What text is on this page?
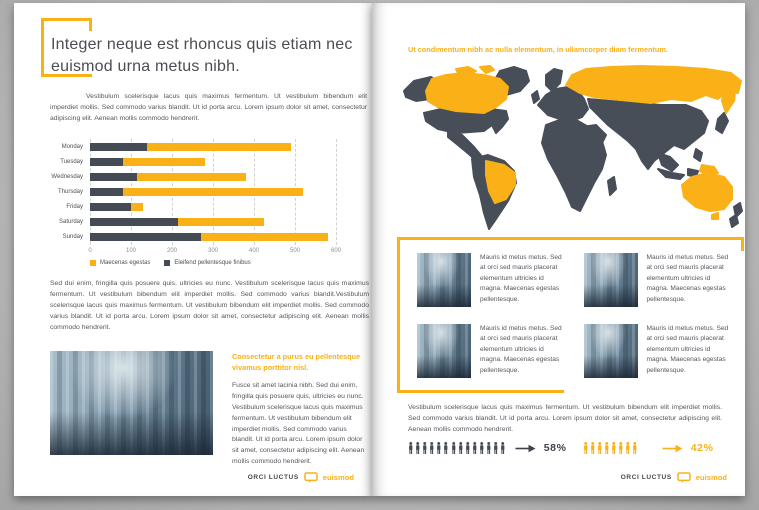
Integer neque est rhoncus quis etiam nec euismod urna metus nibh.

Vestibulum scelerisque lacus quis maximus fermentum. Ut vestibulum bibendum elit imperdiet mollis. Sed commodo varius blandit. Ut id porta arcu. Lorem ipsum dolor sit amet, consectetur adipiscing elit. Aenean mollis commodo hendrerit.

Monday
Tuesday
Wednesday
Thursday
Friday
Saturday
Sunday
0	100	200	300	400	500	600
Maecenas egestas	Eleifend pellentesque finibus

Sed dui enim, fringilla quis posuere quis, ultricies eu nunc. Vestibulum scelerisque lacus quis maximus fermentum. Ut vestibulum bibendum elit imperdiet mollis. Sed commodo varius blandit.Vestibulum scelerisque lacus quis maximus fermentum. Ut vestibulum bibendum elit imperdiet mollis. Sed commodo varius blandit. Ut id porta arcu. Lorem ipsum dolor sit amet, consectetur adipiscing elit. Aenean mollis commodo hendrerit.

Consectetur a purus eu pellentesque vivamus porttitor nisl.

Fusce sit amet lacinia nibh. Sed dui enim, fringilla quis posuere quis, ultricies eu nunc. Vestibulum scelerisque lacus quis maximus fermentum. Ut vestibulum bibendum elit imperdiet mollis. Sed commodo varius blandit. Ut id porta arcu. Lorem ipsum dolor sit amet, consectetur adipiscing elit. Aenean mollis commodo hendrerit.

ORCI LUCTUS	euismod
Ut condimentum nibh ac nulla elementum, in ullamcorper diam fermentum.

Mauris id metus metus. Sed at orci sed mauris placerat elementum ultricies id magna. Maecenas egestas pellentesque.

Mauris id metus metus. Sed at orci sed mauris placerat elementum ultricies id magna. Maecenas egestas pellentesque.

Mauris id metus metus. Sed at orci sed mauris placerat elementum ultricies id magna. Maecenas egestas pellentesque.

Mauris id metus metus. Sed at orci sed mauris placerat elementum ultricies id magna. Maecenas egestas pellentesque.

Vestibulum scelerisque lacus quis maximus fermentum. Ut vestibulum bibendum elit imperdiet mollis. Sed commodo varius blandit. Ut id porta arcu. Lorem ipsum dolor sit amet, consectetur adipiscing elit. Aenean mollis commodo hendrerit.

58%	42%
ORCI LUCTUS	euismod
